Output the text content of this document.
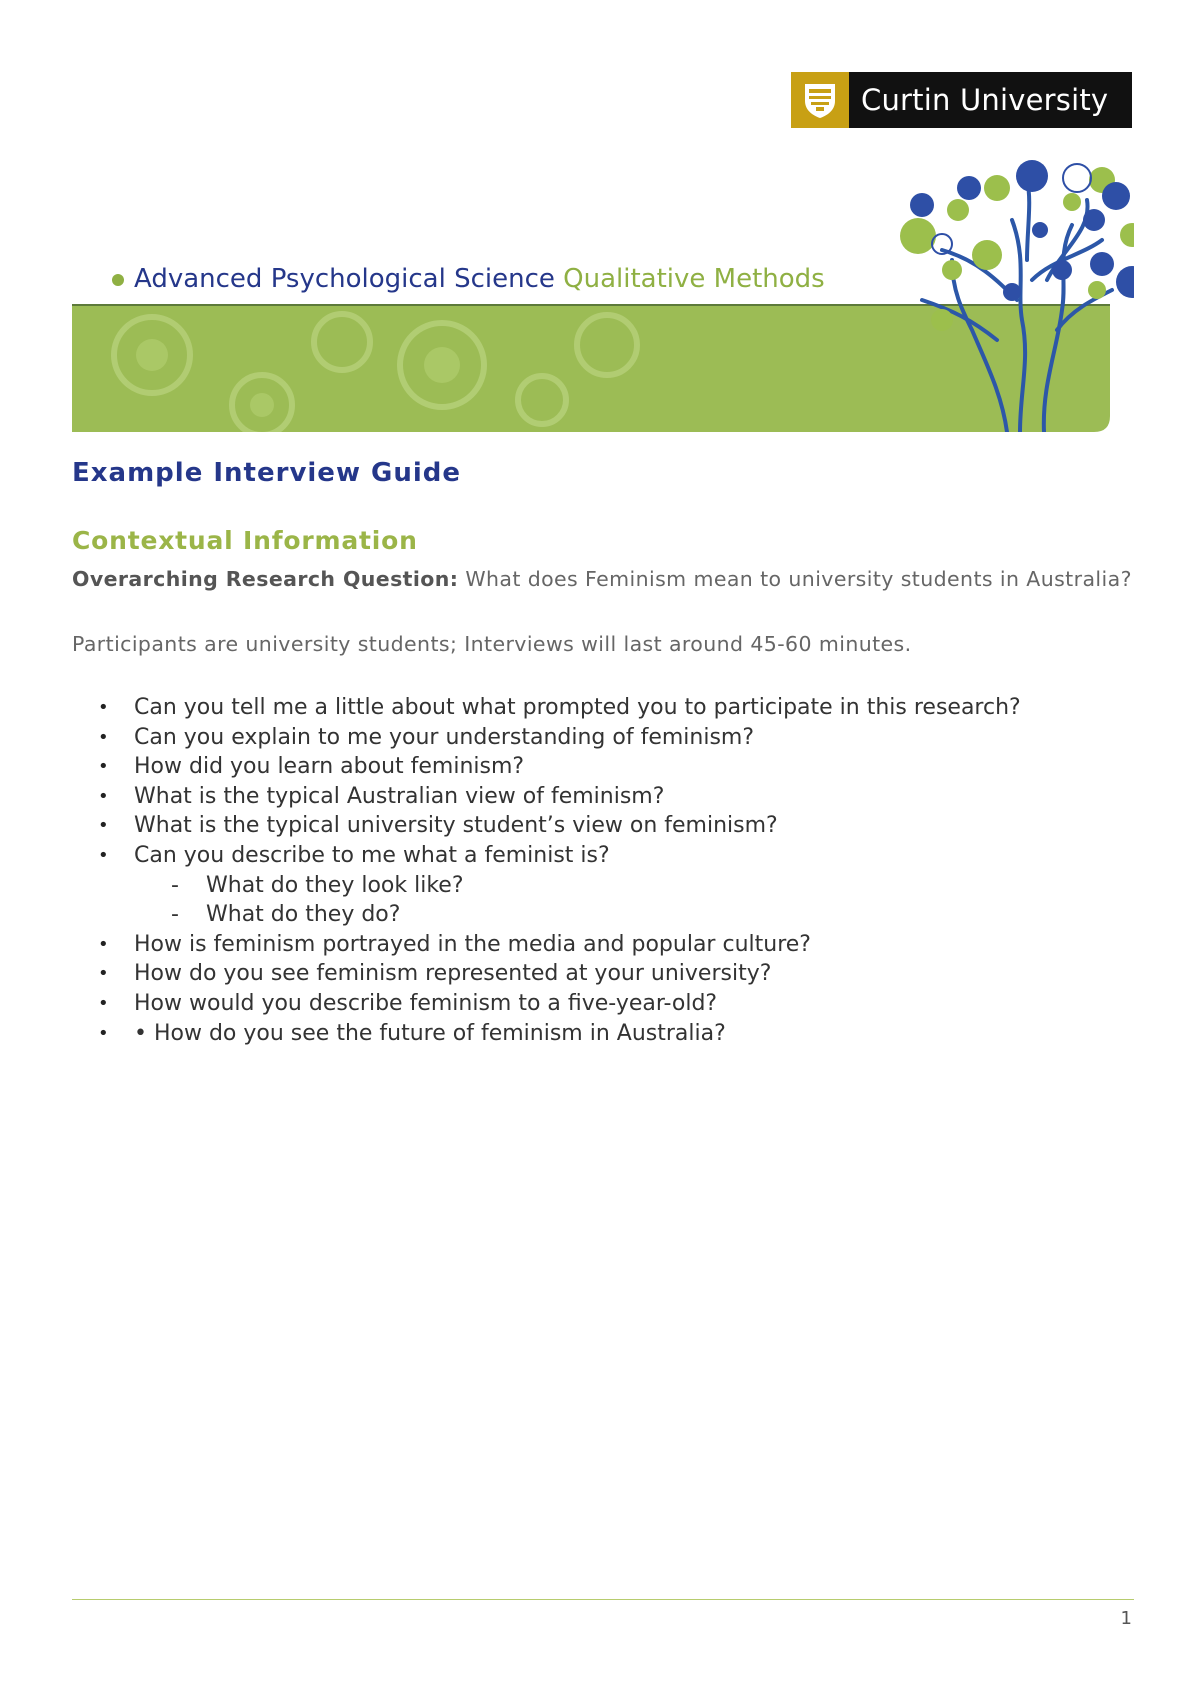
Curtin University
Advanced Psychological Science Qualitative Methods
Example Interview Guide
Contextual Information

Overarching Research Question: What does Feminism mean to university students in Australia?

Participants are university students; Interviews will last around 45-60 minutes.

• Can you tell me a little about what prompted you to participate in this research?
• Can you explain to me your understanding of feminism?
• How did you learn about feminism?
• What is the typical Australian view of feminism?
• What is the typical university student’s view on feminism?
• Can you describe to me what a feminist is?
- What do they look like?
- What do they do?
• How is feminism portrayed in the media and popular culture?
• How do you see feminism represented at your university?
• How would you describe feminism to a five-year-old?
• • How do you see the future of feminism in Australia?
1
